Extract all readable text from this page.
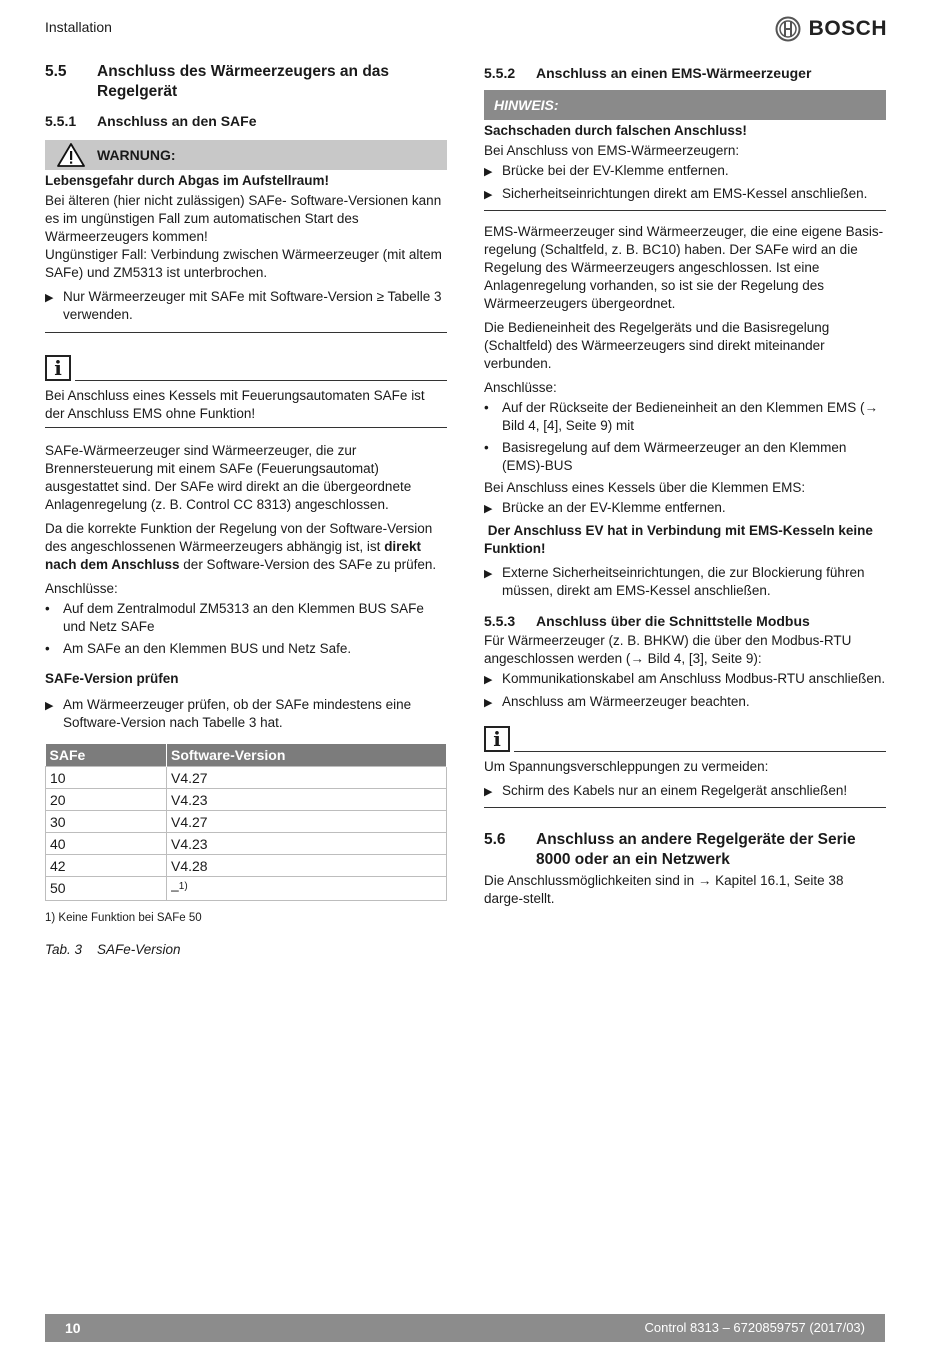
Installation	BOSCH
5.5	Anschluss des Wärmeerzeugers an das Regelgerät
5.5.1	Anschluss an den SAFe
WARNUNG:

Lebensgefahr durch Abgas im Aufstellraum!

Bei älteren (hier nicht zulässigen) SAFe- Software-Versionen kann es im ungünstigen Fall zum automatischen Start des Wärmeerzeugers kommen!

Ungünstiger Fall: Verbindung zwischen Wärmeerzeuger (mit altem SAFe) und ZM5313 ist unterbrochen.

▶ Nur Wärmeerzeuger mit SAFe mit Software-Version ≥ Tabelle 3 verwenden.
i

Bei Anschluss eines Kessels mit Feuerungsautomaten SAFe ist der Anschluss EMS ohne Funktion!

SAFe-Wärmeerzeuger sind Wärmeerzeuger, die zur Brennersteuerung mit einem SAFe (Feuerungsautomat) ausgestattet sind. Der SAFe wird direkt an die übergeordnete Anlagenregelung (z. B. Control CC 8313) angeschlossen.

Da die korrekte Funktion der Regelung von der Software-Version des angeschlossenen Wärmeerzeugers abhängig ist, ist direkt nach dem Anschluss der Software-Version des SAFe zu prüfen.

Anschlüsse:

• Auf dem Zentralmodul ZM5313 an den Klemmen BUS SAFe und Netz SAFe
• Am SAFe an den Klemmen BUS und Netz Safe.

SAFe-Version prüfen

▶ Am Wärmeerzeuger prüfen, ob der SAFe mindestens eine Software-Version nach Tabelle 3 hat.
SAFe	Software-Version
10	V4.27
20	V4.23
30	V4.27
40	V4.23
42	V4.28
50	–$^{1)}$
1) Keine Funktion bei SAFe 50
Tab. 3	SAFe-Version
5.5.2	Anschluss an einen EMS-Wärmeerzeuger
HINWEIS:

Sachschaden durch falschen Anschluss!

Bei Anschluss von EMS-Wärmeerzeugern:

▶ Brücke bei der EV-Klemme entfernen.
▶ Sicherheitseinrichtungen direkt am EMS-Kessel anschließen.

EMS-Wärmeerzeuger sind Wärmeerzeuger, die eine eigene Basis-regelung (Schaltfeld, z. B. BC10) haben. Der SAFe wird an die Regelung des Wärmeerzeugers angeschlossen. Ist eine Anlagenregelung vorhanden, so ist sie der Regelung des Wärmeerzeugers übergeordnet.

Die Bedieneinheit des Regelgeräts und die Basisregelung (Schaltfeld) des Wärmeerzeugers sind direkt miteinander verbunden.

Anschlüsse:

• Auf der Rückseite der Bedieneinheit an den Klemmen EMS (→ Bild 4, [4], Seite 9) mit
• Basisregelung auf dem Wärmeerzeuger an den Klemmen (EMS)-BUS

Bei Anschluss eines Kessels über die Klemmen EMS:

▶ Brücke an der EV-Klemme entfernen.

Der Anschluss EV hat in Verbindung mit EMS-Kesseln keine Funktion!

▶ Externe Sicherheitseinrichtungen, die zur Blockierung führen müssen, direkt am EMS-Kessel anschließen.
5.5.3	Anschluss über die Schnittstelle Modbus

Für Wärmeerzeuger (z. B. BHKW) die über den Modbus-RTU angeschlossen werden (→ Bild 4, [3], Seite 9):

▶ Kommunikationskabel am Anschluss Modbus-RTU anschließen.
▶ Anschluss am Wärmeerzeuger beachten.
i

Um Spannungsverschleppungen zu vermeiden:

▶ Schirm des Kabels nur an einem Regelgerät anschließen!
5.6	Anschluss an andere Regelgeräte der Serie 8000 oder an ein Netzwerk

Die Anschlussmöglichkeiten sind in → Kapitel 16.1, Seite 38 darge-stellt.

10	Control 8313 – 6720859757 (2017/03)
